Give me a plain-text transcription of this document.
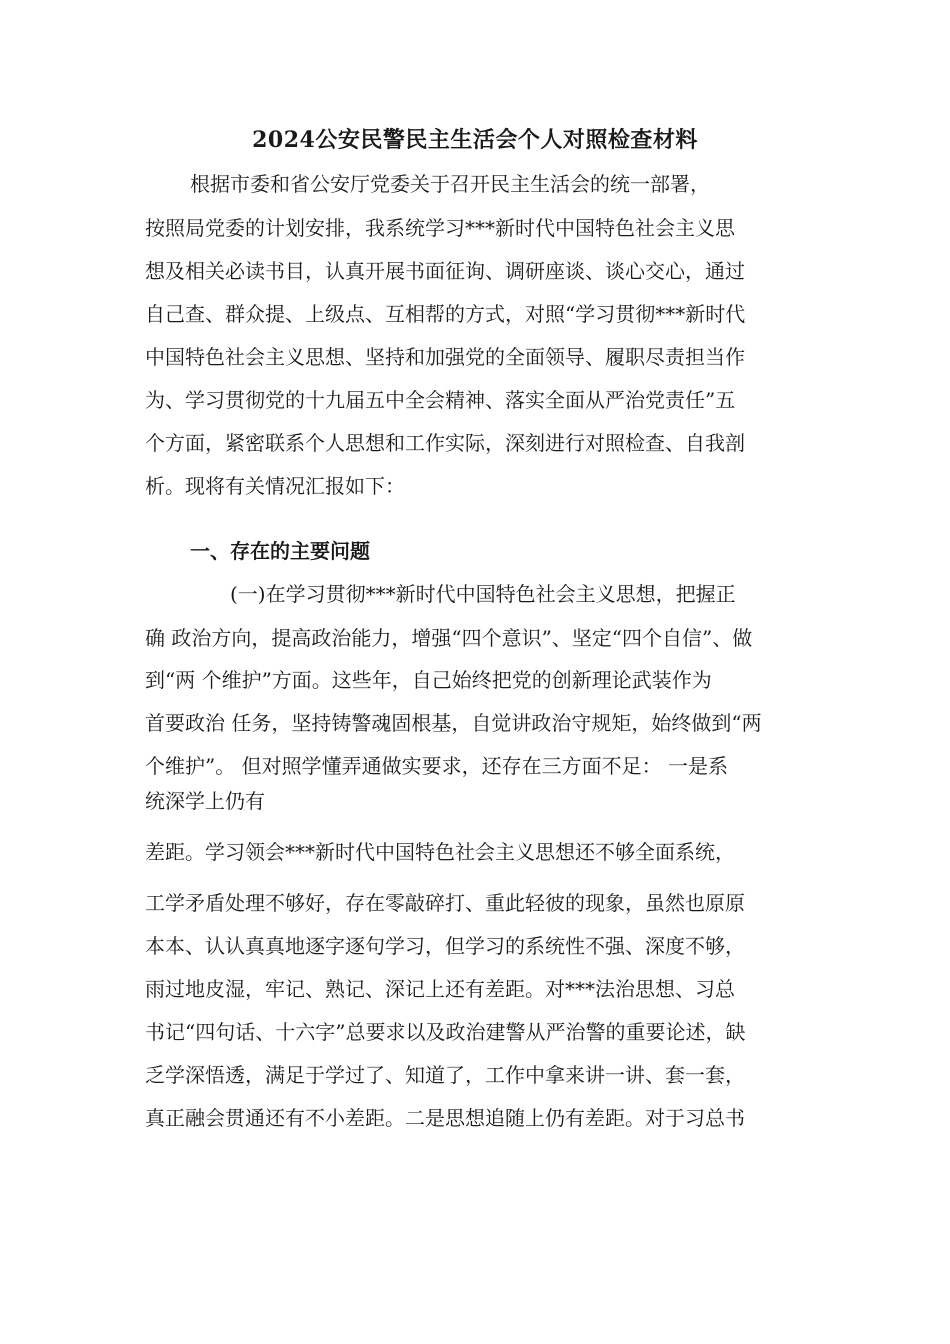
2024公安民警民主生活会个人对照检查材料
根据市委和省公安厅党委关于召开民主生活会的统一部署，
按照局党委的计划安排，我系统学习***新时代中国特色社会主义思
想及相关必读书目，认真开展书面征询、调研座谈、谈心交心，通过
自己查、群众提、上级点、互相帮的方式，对照“学习贯彻***新时代
中国特色社会主义思想、坚持和加强党的全面领导、履职尽责担当作
为、学习贯彻党的十九届五中全会精神、落实全面从严治党责任”五
个方面，紧密联系个人思想和工作实际，深刻进行对照检查、自我剖
析。现将有关情况汇报如下：
一、存在的主要问题
(一)在学习贯彻***新时代中国特色社会主义思想，把握正
确 政治方向，提高政治能力，增强“四个意识”、坚定“四个自信”、做
到“两 个维护”方面。这些年，自己始终把党的创新理论武装作为
首要政治 任务，坚持铸警魂固根基，自觉讲政治守规矩，始终做到“两
个维护”。 但对照学懂弄通做实要求，还存在三方面不足： 一是系
统深学上仍有
差距。学习领会***新时代中国特色社会主义思想还不够全面系统，
工学矛盾处理不够好，存在零敲碎打、重此轻彼的现象，虽然也原原
本本、认认真真地逐字逐句学习，但学习的系统性不强、深度不够，
雨过地皮湿，牢记、熟记、深记上还有差距。对***法治思想、习总
书记“四句话、十六字”总要求以及政治建警从严治警的重要论述，缺
乏学深悟透，满足于学过了、知道了，工作中拿来讲一讲、套一套，
真正融会贯通还有不小差距。二是思想追随上仍有差距。对于习总书
